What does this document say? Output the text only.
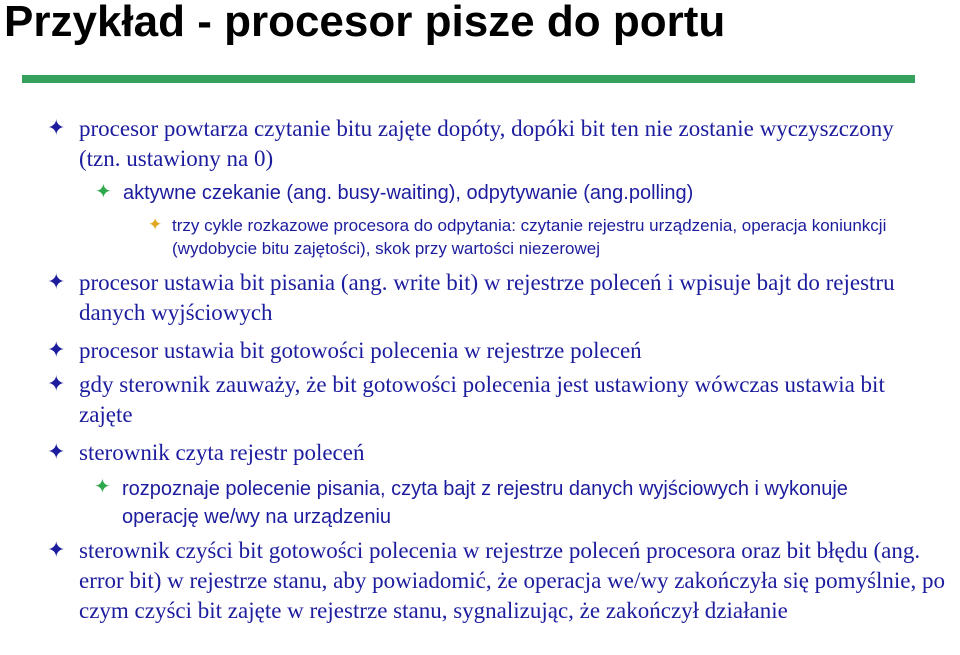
Przykład - procesor pisze do portu

✦ procesor powtarza czytanie bitu zajęte dopóty, dopóki bit ten nie zostanie wyczyszczony (tzn. ustawiony na 0)

✦ aktywne czekanie (ang. busy-waiting), odpytywanie (ang.polling)

✦ trzy cykle rozkazowe procesora do odpytania: czytanie rejestru urządzenia, operacja koniunkcji (wydobycie bitu zajętości), skok przy wartości niezerowej

✦ procesor ustawia bit pisania (ang. write bit) w rejestrze poleceń i wpisuje bajt do rejestru danych wyjściowych

✦ procesor ustawia bit gotowości polecenia w rejestrze poleceń

✦ gdy sterownik zauważy, że bit gotowości polecenia jest ustawiony wówczas ustawia bit zajęte

✦ sterownik czyta rejestr poleceń

✦ rozpoznaje polecenie pisania, czyta bajt z rejestru danych wyjściowych i wykonuje operację we/wy na urządzeniu

✦ sterownik czyści bit gotowości polecenia w rejestrze poleceń procesora oraz bit błędu (ang. error bit) w rejestrze stanu, aby powiadomić, że operacja we/wy zakończyła się pomyślnie, po czym czyści bit zajęte w rejestrze stanu, sygnalizując, że zakończył działanie
